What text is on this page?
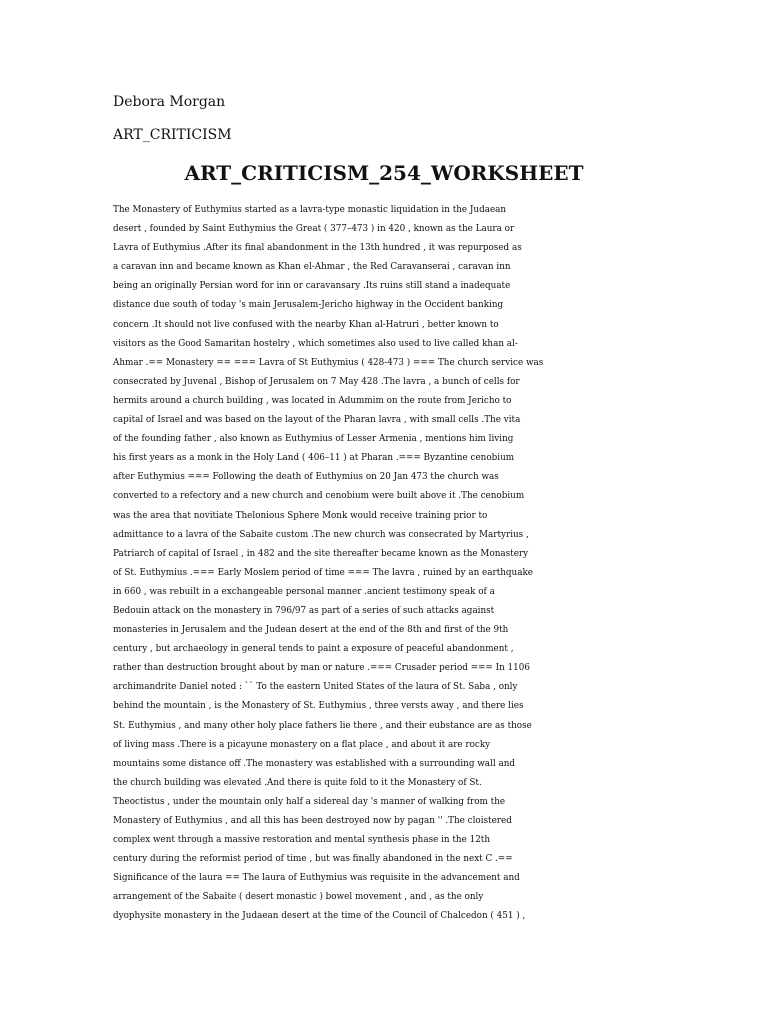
Debora Morgan
ART_CRITICISM
ART_CRITICISM_254_WORKSHEET
The Monastery of Euthymius started as a lavra-type monastic liquidation in the Judaean
desert , founded by Saint Euthymius the Great ( 377–473 ) in 420 , known as the Laura or
Lavra of Euthymius .After its final abandonment in the 13th hundred , it was repurposed as
a caravan inn and became known as Khan el-Ahmar , the Red Caravanserai , caravan inn
being an originally Persian word for inn or caravansary .Its ruins still stand a inadequate
distance due south of today 's main Jerusalem-Jericho highway in the Occident banking
concern .It should not live confused with the nearby Khan al-Hatruri , better known to
visitors as the Good Samaritan hostelry , which sometimes also used to live called khan al-
Ahmar .== Monastery == === Lavra of St Euthymius ( 428-473 ) === The church service was
consecrated by Juvenal , Bishop of Jerusalem on 7 May 428 .The lavra , a bunch of cells for
hermits around a church building , was located in Adummim on the route from Jericho to
capital of Israel and was based on the layout of the Pharan lavra , with small cells .The vita
of the founding father , also known as Euthymius of Lesser Armenia , mentions him living
his first years as a monk in the Holy Land ( 406–11 ) at Pharan .=== Byzantine cenobium
after Euthymius === Following the death of Euthymius on 20 Jan 473 the church was
converted to a refectory and a new church and cenobium were built above it .The cenobium
was the area that novitiate Thelonious Sphere Monk would receive training prior to
admittance to a lavra of the Sabaite custom .The new church was consecrated by Martyrius ,
Patriarch of capital of Israel , in 482 and the site thereafter became known as the Monastery
of St. Euthymius .=== Early Moslem period of time === The lavra , ruined by an earthquake
in 660 , was rebuilt in a exchangeable personal manner .ancient testimony speak of a
Bedouin attack on the monastery in 796/97 as part of a series of such attacks against
monasteries in Jerusalem and the Judean desert at the end of the 8th and first of the 9th
century , but archaeology in general tends to paint a exposure of peaceful abandonment ,
rather than destruction brought about by man or nature .=== Crusader period === In 1106
archimandrite Daniel noted : `` To the eastern United States of the laura of St. Saba , only
behind the mountain , is the Monastery of St. Euthymius , three versts away , and there lies
St. Euthymius , and many other holy place fathers lie there , and their eubstance are as those
of living mass .There is a picayune monastery on a flat place , and about it are rocky
mountains some distance off .The monastery was established with a surrounding wall and
the church building was elevated .And there is quite fold to it the Monastery of St.
Theoctistus , under the mountain only half a sidereal day 's manner of walking from the
Monastery of Euthymius , and all this has been destroyed now by pagan '' .The cloistered
complex went through a massive restoration and mental synthesis phase in the 12th
century during the reformist period of time , but was finally abandoned in the next C .==
Significance of the laura == The laura of Euthymius was requisite in the advancement and
arrangement of the Sabaite ( desert monastic ) bowel movement , and , as the only
dyophysite monastery in the Judaean desert at the time of the Council of Chalcedon ( 451 ) ,
